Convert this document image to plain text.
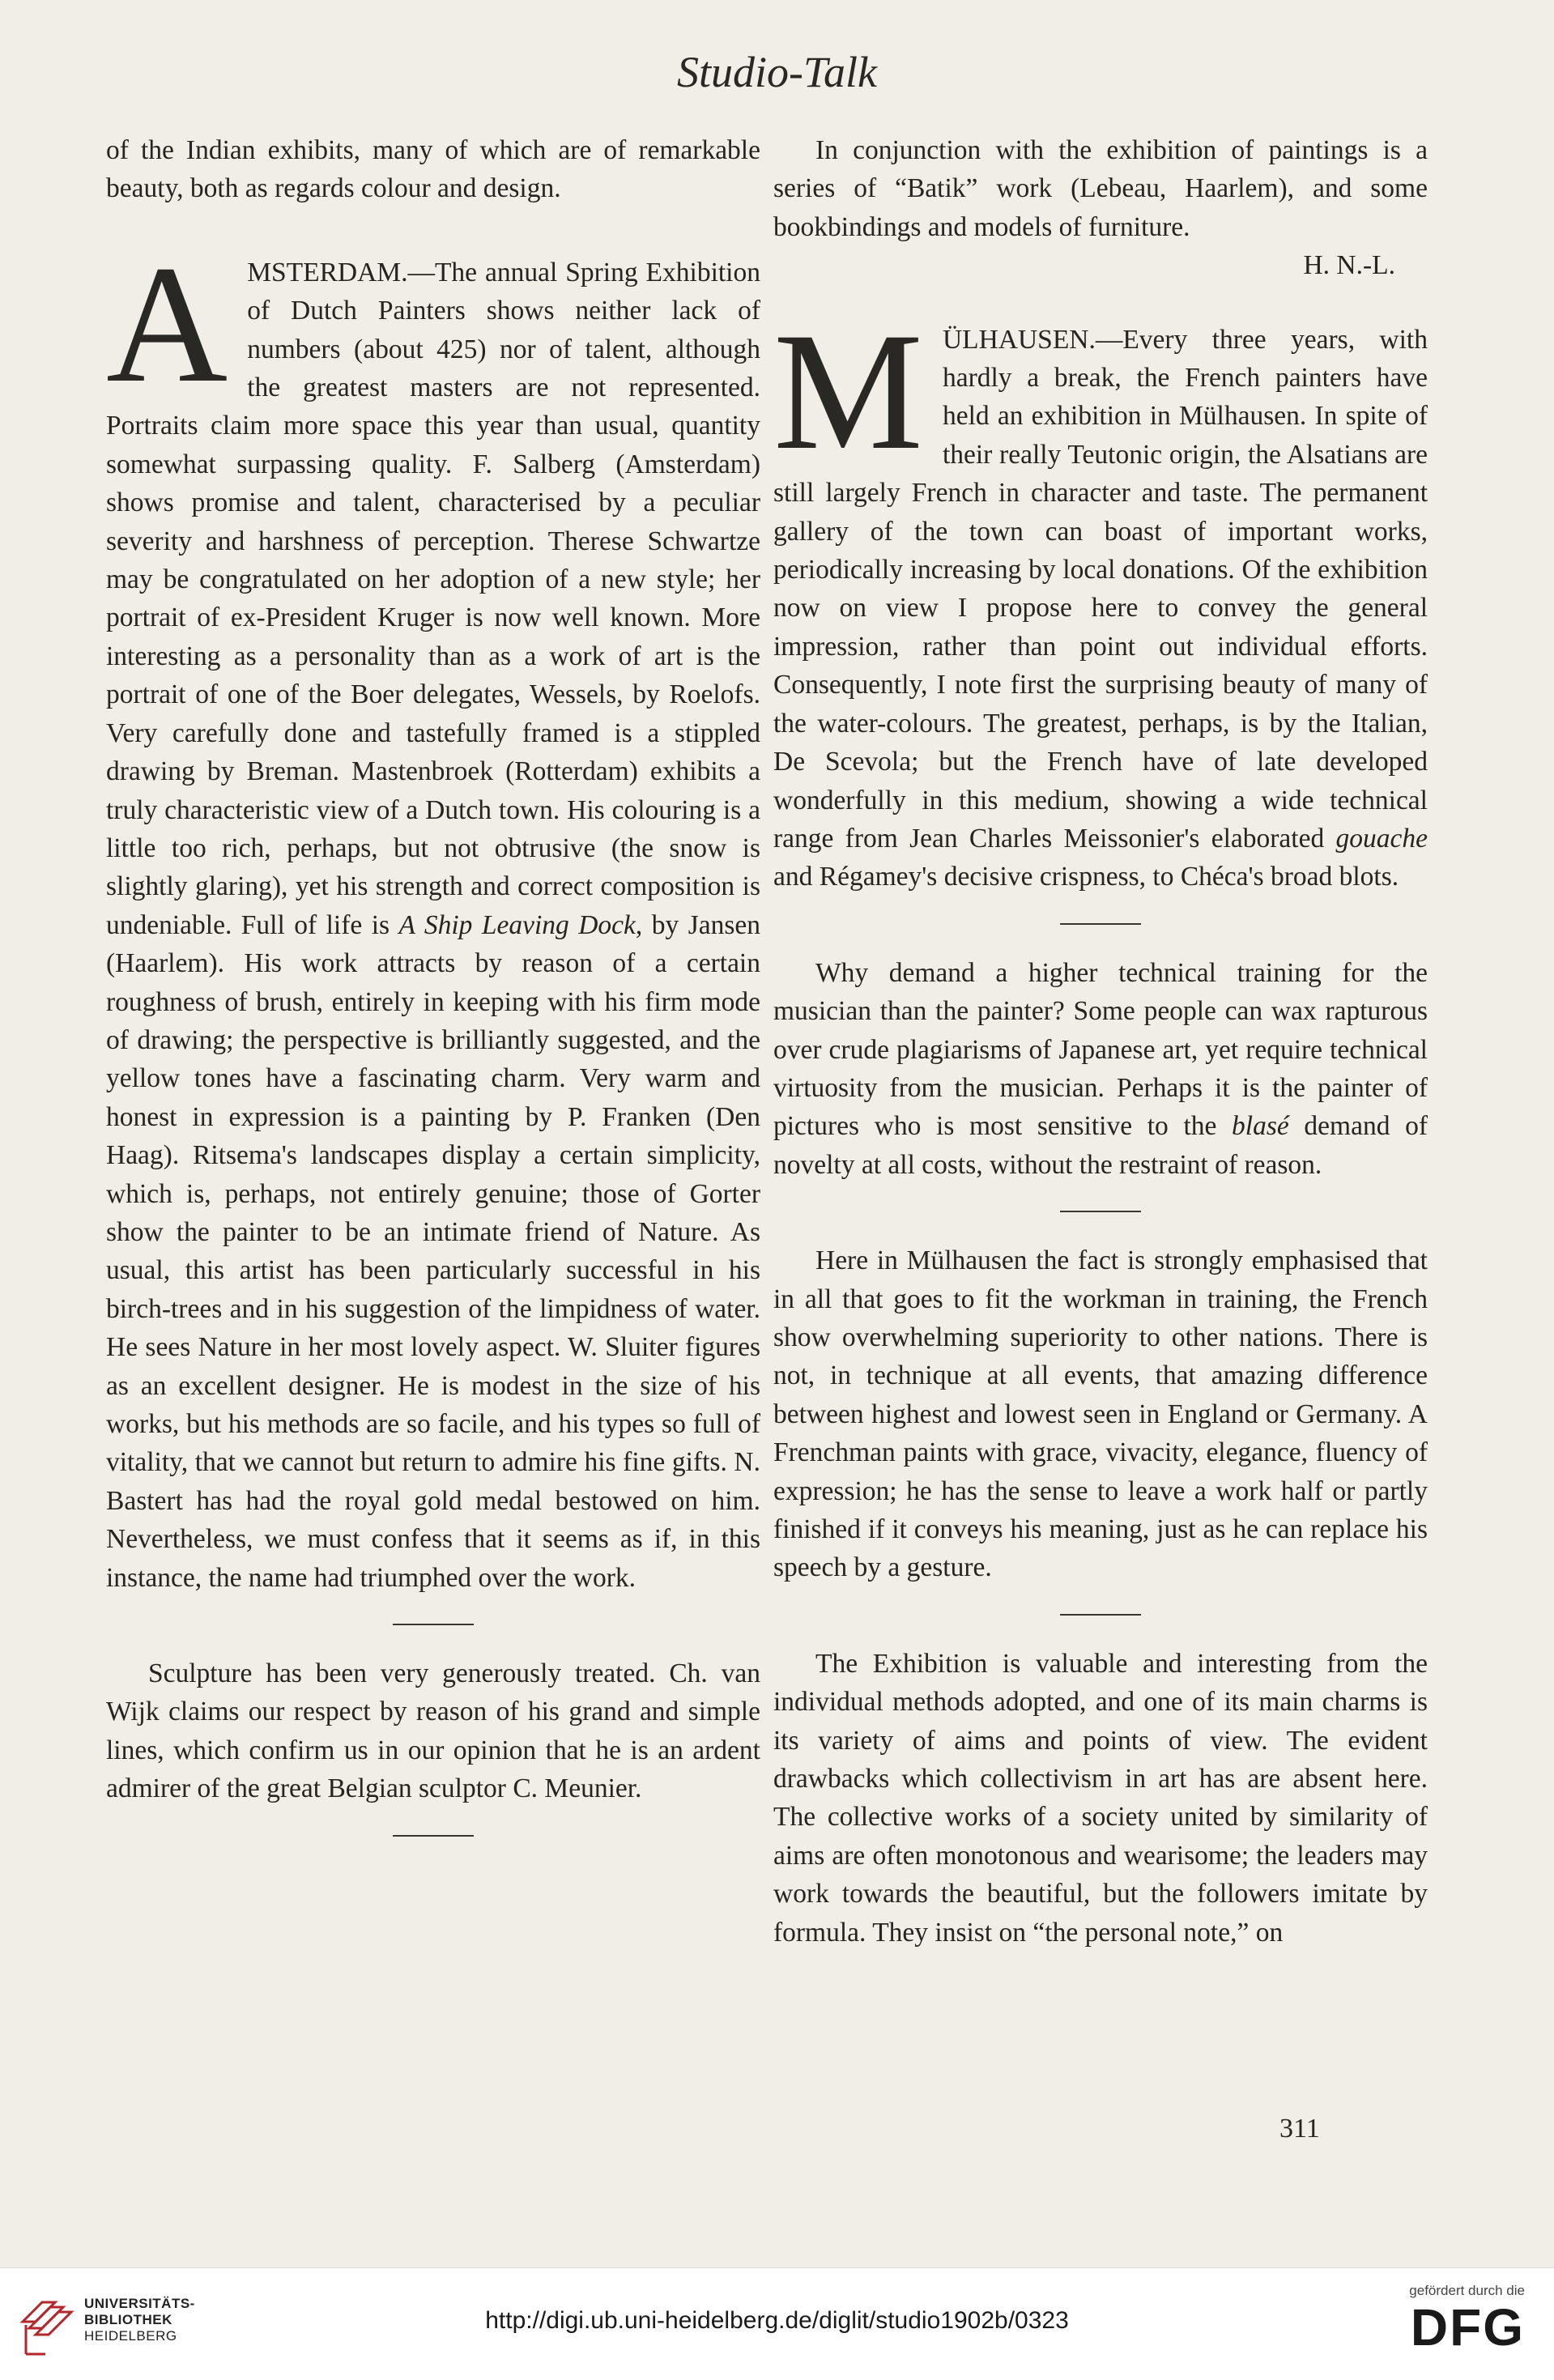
Studio-Talk

of the Indian exhibits, many of which are of remarkable beauty, both as regards colour and design.

AMSTERDAM.—The annual Spring Exhibition of Dutch Painters shows neither lack of numbers (about 425) nor of talent, although the greatest masters are not represented. Portraits claim more space this year than usual, quantity somewhat surpassing quality. F. Salberg (Amsterdam) shows promise and talent, characterised by a peculiar severity and harshness of perception. Therese Schwartze may be congratulated on her adoption of a new style; her portrait of ex-President Kruger is now well known. More interesting as a personality than as a work of art is the portrait of one of the Boer delegates, Wessels, by Roelofs. Very carefully done and tastefully framed is a stippled drawing by Breman. Mastenbroek (Rotterdam) exhibits a truly characteristic view of a Dutch town. His colouring is a little too rich, perhaps, but not obtrusive (the snow is slightly glaring), yet his strength and correct composition is undeniable. Full of life is A Ship Leaving Dock, by Jansen (Haarlem). His work attracts by reason of a certain roughness of brush, entirely in keeping with his firm mode of drawing; the perspective is brilliantly suggested, and the yellow tones have a fascinating charm. Very warm and honest in expression is a painting by P. Franken (Den Haag). Ritsema's landscapes display a certain simplicity, which is, perhaps, not entirely genuine; those of Gorter show the painter to be an intimate friend of Nature. As usual, this artist has been particularly successful in his birch-trees and in his suggestion of the limpidness of water. He sees Nature in her most lovely aspect. W. Sluiter figures as an excellent designer. He is modest in the size of his works, but his methods are so facile, and his types so full of vitality, that we cannot but return to admire his fine gifts. N. Bastert has had the royal gold medal bestowed on him. Nevertheless, we must confess that it seems as if, in this instance, the name had triumphed over the work.

Sculpture has been very generously treated. Ch. van Wijk claims our respect by reason of his grand and simple lines, which confirm us in our opinion that he is an ardent admirer of the great Belgian sculptor C. Meunier.

In conjunction with the exhibition of paintings is a series of “Batik” work (Lebeau, Haarlem), and some bookbindings and models of furniture.

H. N.-L.

MÜLHAUSEN.—Every three years, with hardly a break, the French painters have held an exhibition in Mülhausen. In spite of their really Teutonic origin, the Alsatians are still largely French in character and taste. The permanent gallery of the town can boast of important works, periodically increasing by local donations. Of the exhibition now on view I propose here to convey the general impression, rather than point out individual efforts. Consequently, I note first the surprising beauty of many of the water-colours. The greatest, perhaps, is by the Italian, De Scevola; but the French have of late developed wonderfully in this medium, showing a wide technical range from Jean Charles Meissonier's elaborated gouache and Régamey's decisive crispness, to Chéca's broad blots.

Why demand a higher technical training for the musician than the painter? Some people can wax rapturous over crude plagiarisms of Japanese art, yet require technical virtuosity from the musician. Perhaps it is the painter of pictures who is most sensitive to the blasé demand of novelty at all costs, without the restraint of reason.

Here in Mülhausen the fact is strongly emphasised that in all that goes to fit the workman in training, the French show overwhelming superiority to other nations. There is not, in technique at all events, that amazing difference between highest and lowest seen in England or Germany. A Frenchman paints with grace, vivacity, elegance, fluency of expression; he has the sense to leave a work half or partly finished if it conveys his meaning, just as he can replace his speech by a gesture.

The Exhibition is valuable and interesting from the individual methods adopted, and one of its main charms is its variety of aims and points of view. The evident drawbacks which collectivism in art has are absent here. The collective works of a society united by similarity of aims are often monotonous and wearisome; the leaders may work towards the beautiful, but the followers imitate by formula. They insist on “the personal note,” on

311
UNIVERSITÄTS-
BIBLIOTHEK
HEIDELBERG
http://digi.ub.uni-heidelberg.de/diglit/studio1902b/0323
gefördert durch die
DFG
